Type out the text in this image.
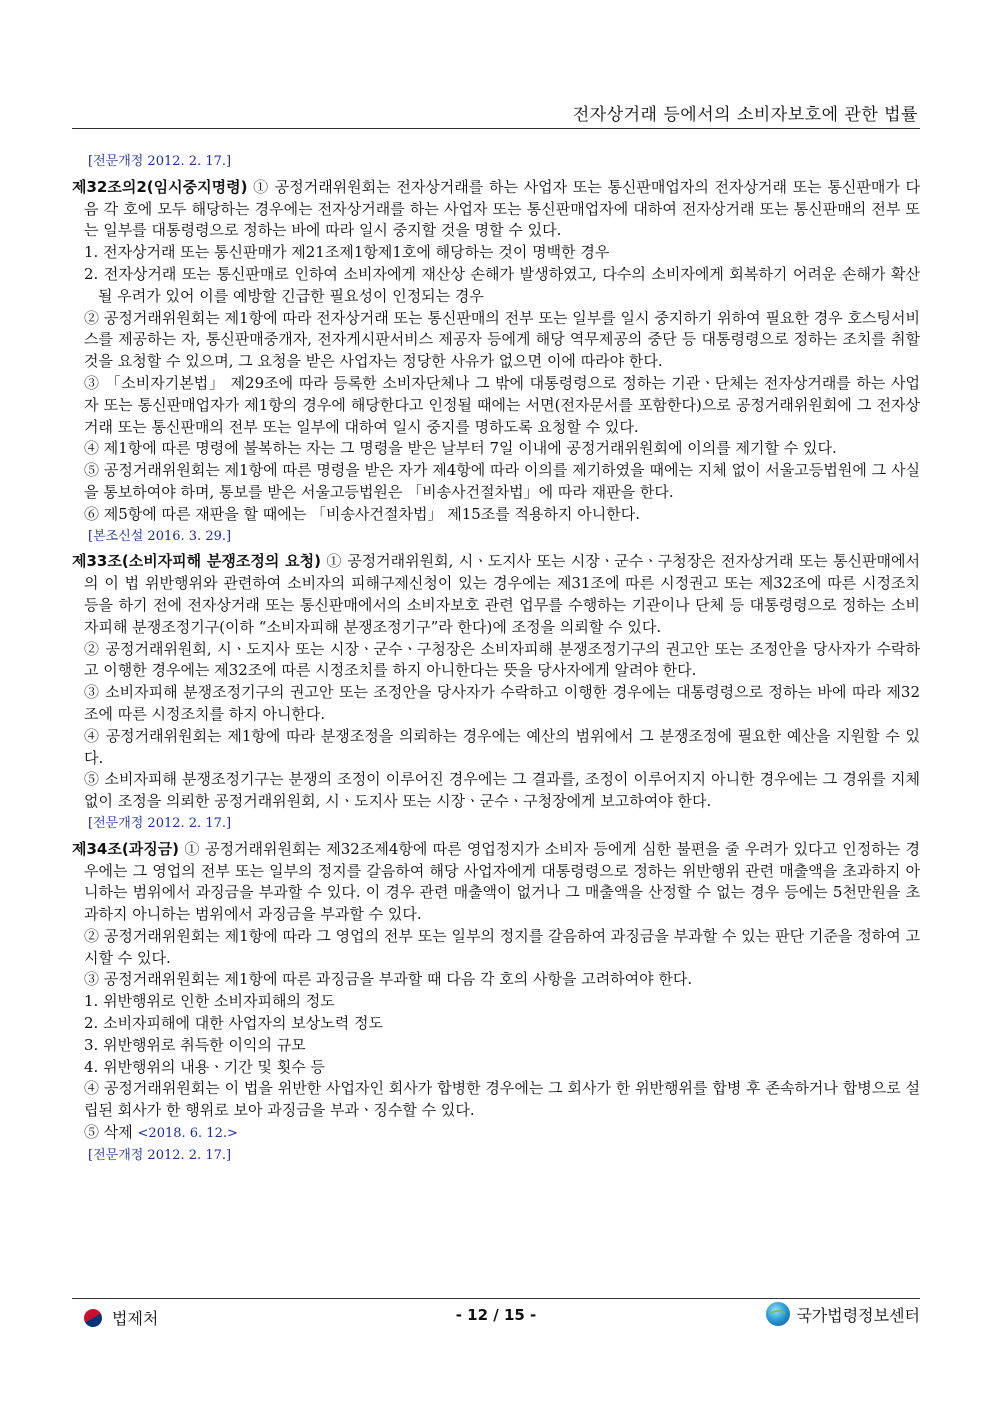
전자상거래 등에서의 소비자보호에 관한 법률
[전문개정 2012. 2. 17.]
제32조의2(임시중지명령) ① 공정거래위원회는 전자상거래를 하는 사업자 또는 통신판매업자의 전자상거래 또는 통신판매가 다음 각 호에 모두 해당하는 경우에는 전자상거래를 하는 사업자 또는 통신판매업자에 대하여 전자상거래 또는 통신판매의 전부 또는 일부를 대통령령으로 정하는 바에 따라 일시 중지할 것을 명할 수 있다.
1. 전자상거래 또는 통신판매가 제21조제1항제1호에 해당하는 것이 명백한 경우
2. 전자상거래 또는 통신판매로 인하여 소비자에게 재산상 손해가 발생하였고, 다수의 소비자에게 회복하기 어려운 손해가 확산될 우려가 있어 이를 예방할 긴급한 필요성이 인정되는 경우
② 공정거래위원회는 제1항에 따라 전자상거래 또는 통신판매의 전부 또는 일부를 일시 중지하기 위하여 필요한 경우 호스팅서비스를 제공하는 자, 통신판매중개자, 전자게시판서비스 제공자 등에게 해당 역무제공의 중단 등 대통령령으로 정하는 조치를 취할 것을 요청할 수 있으며, 그 요청을 받은 사업자는 정당한 사유가 없으면 이에 따라야 한다.
③ 「소비자기본법」 제29조에 따라 등록한 소비자단체나 그 밖에 대통령령으로 정하는 기관ㆍ단체는 전자상거래를 하는 사업자 또는 통신판매업자가 제1항의 경우에 해당한다고 인정될 때에는 서면(전자문서를 포함한다)으로 공정거래위원회에 그 전자상거래 또는 통신판매의 전부 또는 일부에 대하여 일시 중지를 명하도록 요청할 수 있다.
④ 제1항에 따른 명령에 불복하는 자는 그 명령을 받은 날부터 7일 이내에 공정거래위원회에 이의를 제기할 수 있다.
⑤ 공정거래위원회는 제1항에 따른 명령을 받은 자가 제4항에 따라 이의를 제기하였을 때에는 지체 없이 서울고등법원에 그 사실을 통보하여야 하며, 통보를 받은 서울고등법원은 「비송사건절차법」에 따라 재판을 한다.
⑥ 제5항에 따른 재판을 할 때에는 「비송사건절차법」 제15조를 적용하지 아니한다.
[본조신설 2016. 3. 29.]
제33조(소비자피해 분쟁조정의 요청) ① 공정거래위원회, 시ㆍ도지사 또는 시장ㆍ군수ㆍ구청장은 전자상거래 또는 통신판매에서의 이 법 위반행위와 관련하여 소비자의 피해구제신청이 있는 경우에는 제31조에 따른 시정권고 또는 제32조에 따른 시정조치 등을 하기 전에 전자상거래 또는 통신판매에서의 소비자보호 관련 업무를 수행하는 기관이나 단체 등 대통령령으로 정하는 소비자피해 분쟁조정기구(이하 “소비자피해 분쟁조정기구”라 한다)에 조정을 의뢰할 수 있다.
② 공정거래위원회, 시ㆍ도지사 또는 시장ㆍ군수ㆍ구청장은 소비자피해 분쟁조정기구의 권고안 또는 조정안을 당사자가 수락하고 이행한 경우에는 제32조에 따른 시정조치를 하지 아니한다는 뜻을 당사자에게 알려야 한다.
③ 소비자피해 분쟁조정기구의 권고안 또는 조정안을 당사자가 수락하고 이행한 경우에는 대통령령으로 정하는 바에 따라 제32조에 따른 시정조치를 하지 아니한다.
④ 공정거래위원회는 제1항에 따라 분쟁조정을 의뢰하는 경우에는 예산의 범위에서 그 분쟁조정에 필요한 예산을 지원할 수 있다.
⑤ 소비자피해 분쟁조정기구는 분쟁의 조정이 이루어진 경우에는 그 결과를, 조정이 이루어지지 아니한 경우에는 그 경위를 지체 없이 조정을 의뢰한 공정거래위원회, 시ㆍ도지사 또는 시장ㆍ군수ㆍ구청장에게 보고하여야 한다.
[전문개정 2012. 2. 17.]
제34조(과징금) ① 공정거래위원회는 제32조제4항에 따른 영업정지가 소비자 등에게 심한 불편을 줄 우려가 있다고 인정하는 경우에는 그 영업의 전부 또는 일부의 정지를 갈음하여 해당 사업자에게 대통령령으로 정하는 위반행위 관련 매출액을 초과하지 아니하는 범위에서 과징금을 부과할 수 있다. 이 경우 관련 매출액이 없거나 그 매출액을 산정할 수 없는 경우 등에는 5천만원을 초과하지 아니하는 범위에서 과징금을 부과할 수 있다.
② 공정거래위원회는 제1항에 따라 그 영업의 전부 또는 일부의 정지를 갈음하여 과징금을 부과할 수 있는 판단 기준을 정하여 고시할 수 있다.
③ 공정거래위원회는 제1항에 따른 과징금을 부과할 때 다음 각 호의 사항을 고려하여야 한다.
1. 위반행위로 인한 소비자피해의 정도
2. 소비자피해에 대한 사업자의 보상노력 정도
3. 위반행위로 취득한 이익의 규모
4. 위반행위의 내용ㆍ기간 및 횟수 등
④ 공정거래위원회는 이 법을 위반한 사업자인 회사가 합병한 경우에는 그 회사가 한 위반행위를 합병 후 존속하거나 합병으로 설립된 회사가 한 행위로 보아 과징금을 부과ㆍ징수할 수 있다.
⑤ 삭제 <2018. 6. 12.>
[전문개정 2012. 2. 17.]
법제처	- 12 / 15 -	국가법령정보센터
